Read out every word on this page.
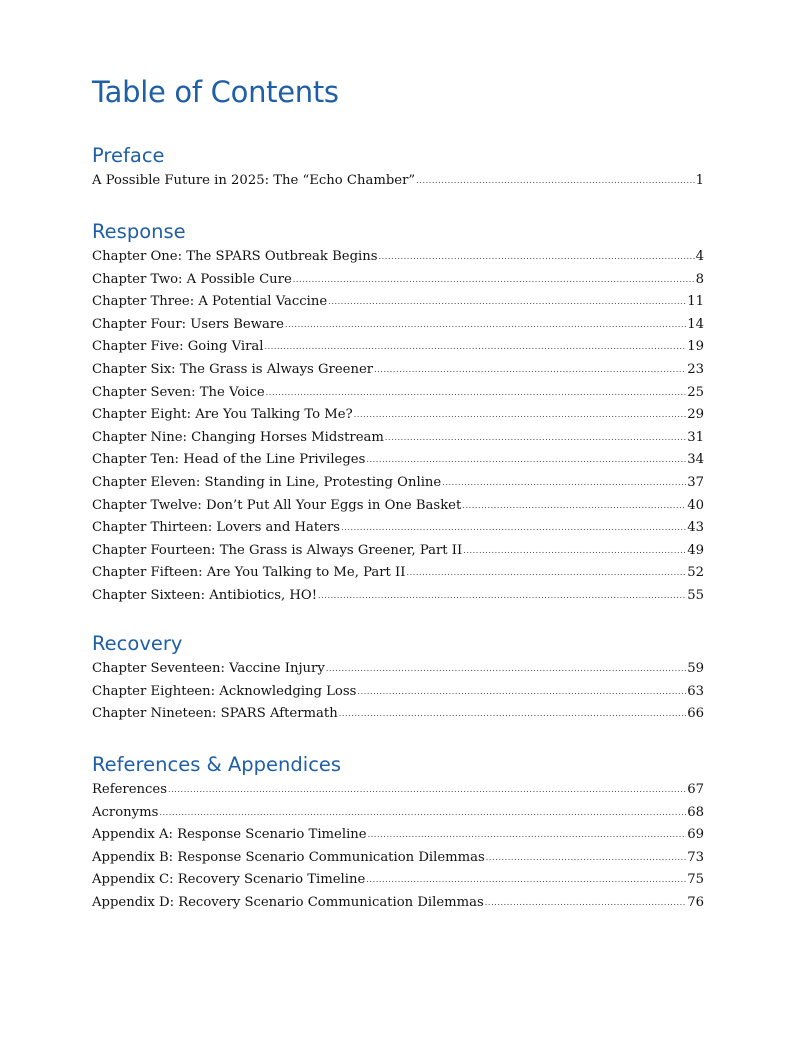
Table of Contents
Preface
A Possible Future in 2025: The “Echo Chamber” .....	1
Response
Chapter One: The SPARS Outbreak Begins .....	4
Chapter Two: A Possible Cure .....	8
Chapter Three: A Potential Vaccine .....	11
Chapter Four: Users Beware .....	14
Chapter Five: Going Viral .....	19
Chapter Six: The Grass is Always Greener .....	23
Chapter Seven: The Voice .....	25
Chapter Eight: Are You Talking To Me? .....	29
Chapter Nine: Changing Horses Midstream .....	31
Chapter Ten: Head of the Line Privileges .....	34
Chapter Eleven: Standing in Line, Protesting Online .....	37
Chapter Twelve: Don’t Put All Your Eggs in One Basket .....	40
Chapter Thirteen: Lovers and Haters .....	43
Chapter Fourteen: The Grass is Always Greener, Part II .....	49
Chapter Fifteen: Are You Talking to Me, Part II .....	52
Chapter Sixteen: Antibiotics, HO! .....	55
Recovery
Chapter Seventeen: Vaccine Injury .....	59
Chapter Eighteen: Acknowledging Loss .....	63
Chapter Nineteen: SPARS Aftermath .....	66
References & Appendices
References .....	67
Acronyms .....	68
Appendix A: Response Scenario Timeline .....	69
Appendix B: Response Scenario Communication Dilemmas .....	73
Appendix C: Recovery Scenario Timeline .....	75
Appendix D: Recovery Scenario Communication Dilemmas .....	76
